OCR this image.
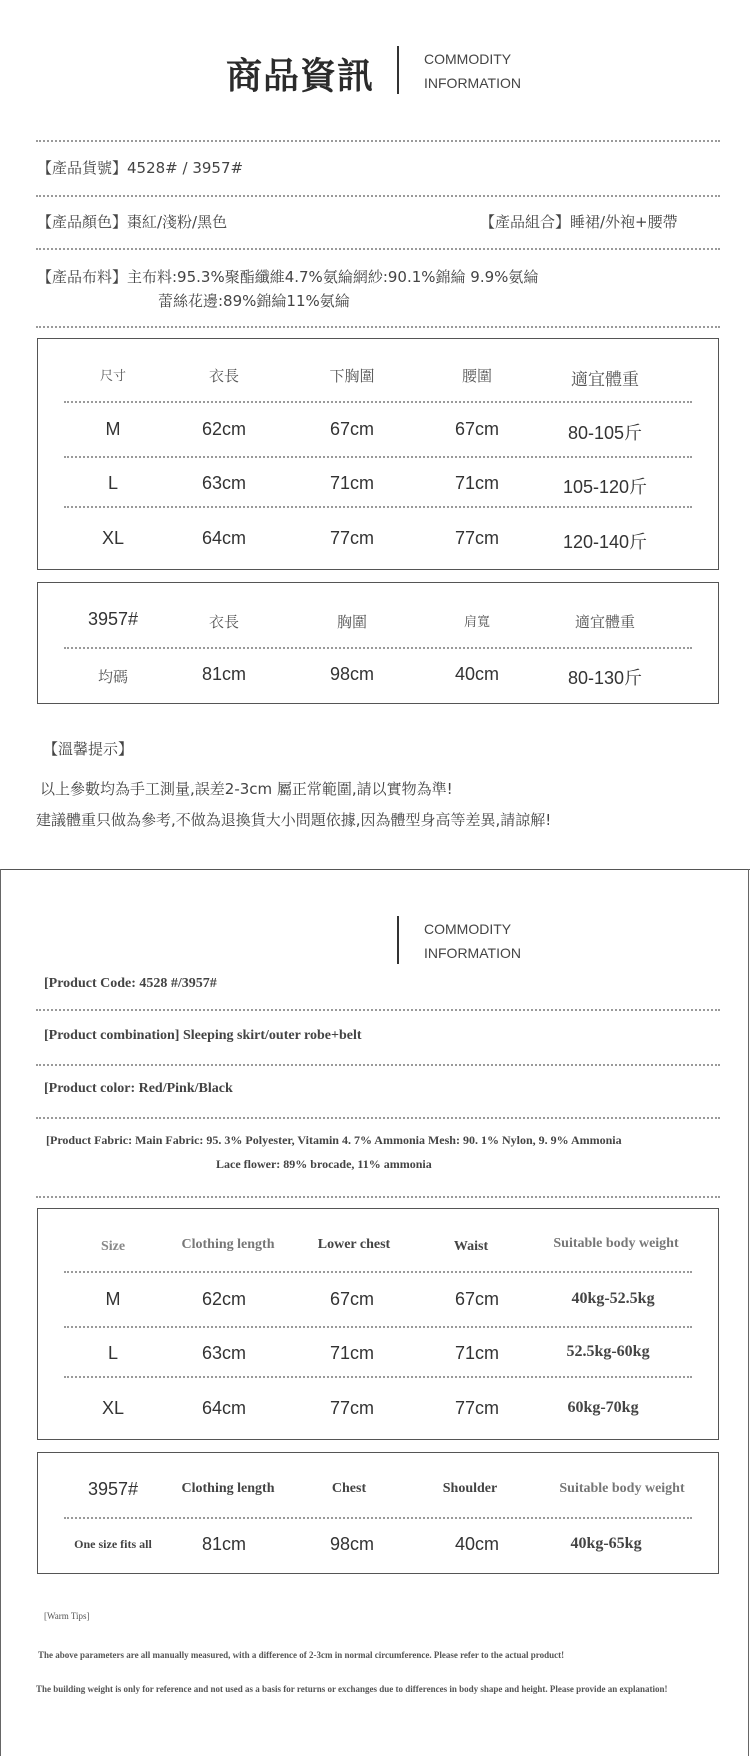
商品資訊	COMMODITY
INFORMATION
【產品貨號】4528# / 3957#
【產品顏色】棗紅/淺粉/黑色	【產品組合】睡裙/外袍+腰帶
【產品布料】主布料:95.3%聚酯纖維4.7%氨綸網紗:90.1%錦綸 9.9%氨綸
蕾絲花邊:89%錦綸11%氨綸
尺寸	衣長	下胸圍	腰圍	適宜體重
M	62cm	67cm	67cm	80-105斤
L	63cm	71cm	71cm	105-120斤
XL	64cm	77cm	77cm	120-140斤
3957#	衣長	胸圍	肩寬	適宜體重
均碼	81cm	98cm	40cm	80-130斤
【溫馨提示】
以上參數均為手工測量,誤差2-3cm 屬正常範圍,請以實物為準!
建議體重只做為參考,不做為退換貨大小問題依據,因為體型身高等差異,請諒解!
COMMODITY
INFORMATION
[Product Code: 4528 #/3957#
[Product combination] Sleeping skirt/outer robe+belt
[Product color: Red/Pink/Black
[Product Fabric: Main Fabric: 95. 3% Polyester, Vitamin 4. 7% Ammonia Mesh: 90. 1% Nylon, 9. 9% Ammonia
Lace flower: 89% brocade, 11% ammonia
Size	Clothing length	Lower chest	Waist	Suitable body weight
M	62cm	67cm	67cm	40kg-52.5kg
L	63cm	71cm	71cm	52.5kg-60kg
XL	64cm	77cm	77cm	60kg-70kg
3957#	Clothing length	Chest	Shoulder	Suitable body weight
One size fits all	81cm	98cm	40cm	40kg-65kg
[Warm Tips]
The above parameters are all manually measured, with a difference of 2-3cm in normal circumference. Please refer to the actual product!
The building weight is only for reference and not used as a basis for returns or exchanges due to differences in body shape and height. Please provide an explanation!
